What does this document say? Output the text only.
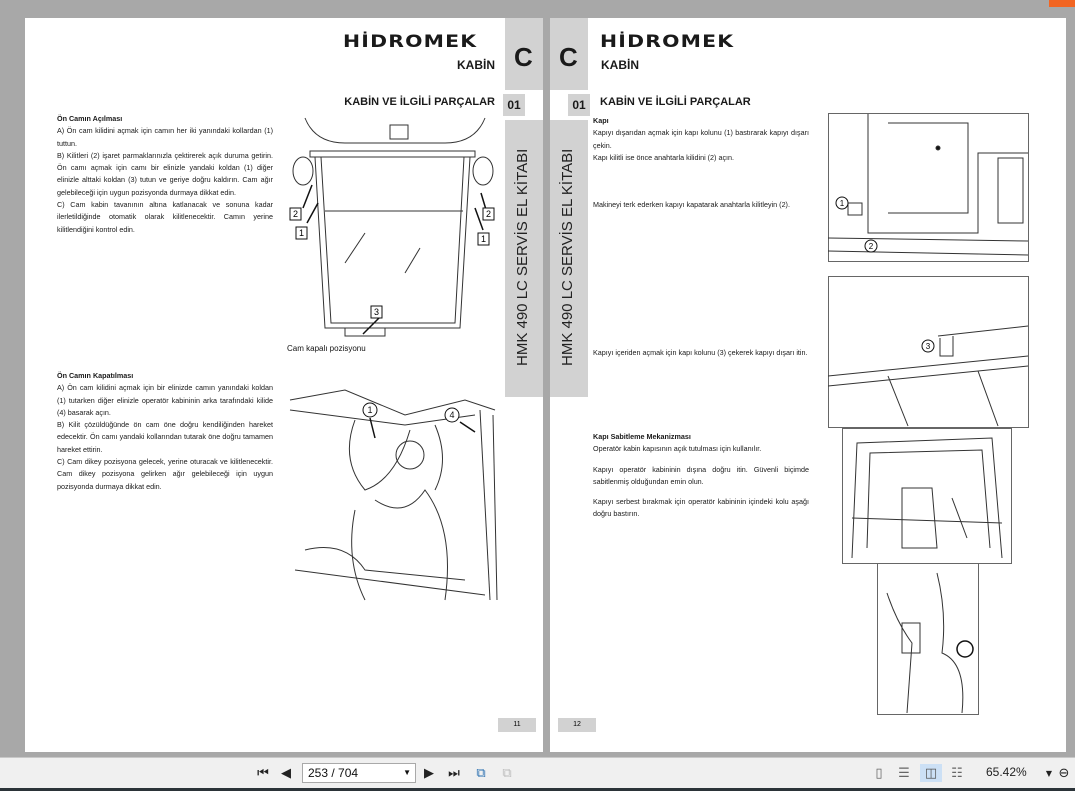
HİDROMEK
KABİN C
01
KABİN VE İLGİLİ PARÇALAR
HMK 490 LC SERVİS EL KİTABI
Ön Camın Açılması
A) Ön cam kilidini açmak için camın her iki yanındaki kollardan (1) tuttun.
B) Kilitleri (2) işaret parmaklarınızla çektirerek açık duruma getirin. Ön camı açmak için camı bir elinizle yandaki koldan (1) diğer elinizle alttaki koldan (3) tutun ve geriye doğru kaldırın. Cam ağır gelebileceği için uygun pozisyonda durmaya dikkat edin.
C) Cam kabin tavanının altına katlanacak ve sonuna kadar ilerletildiğinde otomatik olarak kilitlenecektir. Camın yerine kilitlendiğini kontrol edin.
2
1
2
1
3
Cam kapalı pozisyonu
Ön Camın Kapatılması
A) Ön cam kilidini açmak için bir elinizde camın yanındaki koldan (1) tutarken diğer elinizle operatör kabininin arka tarafındaki kilide (4) basarak açın.
B) Kilit çözüldüğünde ön cam öne doğru kendiliğinden hareket edecektir. Ön camı yandaki kollarından tutarak öne doğru tamamen hareket ettirin.
C) Cam dikey pozisyona gelecek, yerine oturacak ve kilitlenecektir. Cam dikey pozisyona gelirken ağır gelebileceği için uygun pozisyonda durmaya dikkat edin.
1	4
11
HİDROMEK
KABİN
C
01	KABİN VE İLGİLİ PARÇALAR
HMK 490 LC SERVİS EL KİTABI
Kapı
Kapıyı dışarıdan açmak için kapı kolunu (1) bastırarak kapıyı dışarı çekin.
Kapı kilitli ise önce anahtarla kilidini (2) açın.
Makineyi terk ederken kapıyı kapatarak anahtarla kilitleyin (2).
Kapıyı içeriden açmak için kapı kolunu (3) çekerek kapıyı dışarı itin.
Kapı Sabitleme Mekanizması
Operatör kabin kapısının açık tutulması için kullanılır.
Kapıyı operatör kabininin dışına doğru itin. Güvenli biçimde sabitlenmiş olduğundan emin olun.
Kapıyı serbest bırakmak için operatör kabininin içindeki kolu aşağı doğru bastırın.
1
2
3
12
⏮ ◀	253 / 704	▼ ▶ ⏭ ⧉ ⧉	▯ ☰ ◫ ☷ 65.42% ▼ ⊖
